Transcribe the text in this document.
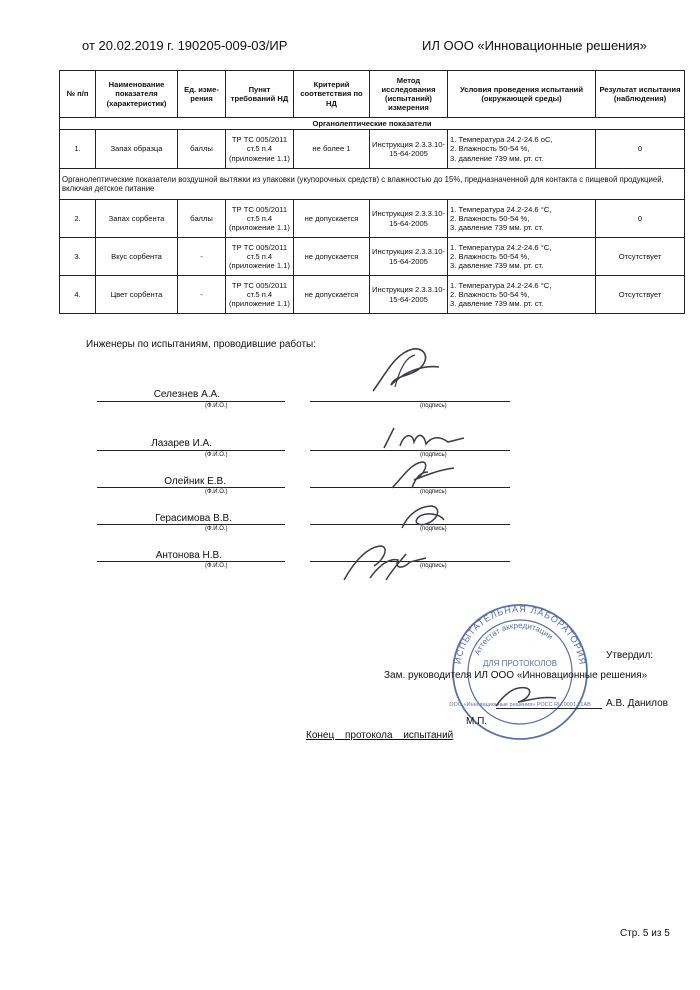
от 20.02.2019 г. 190205-009-03/ИР	ИЛ ООО «Инновационные решения»
№ п/п	Наименование показателя (характеристик)	Ед. изме-рения	Пункт требований НД	Критерий соответствия по НД	Метод исследования (испытаний) измерения	Условия проведения испытаний (окружающей среды)	Результат испытания (наблюдения)
Органолептические показатели							
1.	Запах образца	баллы	ТР ТС 005/2011 ст.5 п.4 (приложение 1.1)	не более 1	Инструкция 2.3.3.10-15-64-2005	1. Температура 24.2-24.6 оС,
2. Влажность 50-54 %,
3. давление 739 мм. рт. ст.	0
Органолептические показатели воздушной вытяжки из упаковки (укупорочных средств) с влажностью до 15%, предназначенной для контакта с пищевой продукцией, включая детское питание							
2.	Запах сорбента	баллы	ТР ТС 005/2011 ст.5 п.4 (приложение 1.1)	не допускается	Инструкция 2.3.3.10-15-64-2005	1. Температура 24.2-24.6 °С,
2. Влажность 50-54 %,
3. давление 739 мм. рт. ст.	0
3.	Вкус сорбента	-	ТР ТС 005/2011 ст.5 п.4 (приложение 1.1)	не допускается	Инструкция 2.3.3.10-15-64-2005	1. Температура 24.2-24.6 °С,
2. Влажность 50-54 %,
3. давление 739 мм. рт. ст.	Отсутствует
4.	Цвет сорбента	-	ТР ТС 005/2011 ст.5 п.4 (приложение 1.1)	не допускается	Инструкция 2.3.3.10-15-64-2005	1. Температура 24.2-24.6 °С,
2. Влажность 50-54 %,
3. давление 739 мм. рт. ст.	Отсутствует
Инженеры по испытаниям, проводившие работы:
Селезнев А.А.
(Ф.И.О.)	(подпись)
Лазарев И.А.
(Ф.И.О.)	(подпись)
Олейник Е.В.
(Ф.И.О.)	(подпись)
Герасимова В.В.
(Ф.И.О.)	(подпись)
Антонова Н.В.
(Ф.И.О.)	(подпись)
ИСПЫТАТЕЛЬНАЯ ЛАБОРАТОРИЯ
Аттестат аккредитации
ДЛЯ ПРОТОКОЛОВ
ООО «Инновационные решения» РОСС RU.0001.21АВ
Утвердил:
Зам. руководителя ИЛ ООО «Инновационные решения»
А.В. Данилов
М.П.
Конец протокола испытаний
Стр. 5 из 5
